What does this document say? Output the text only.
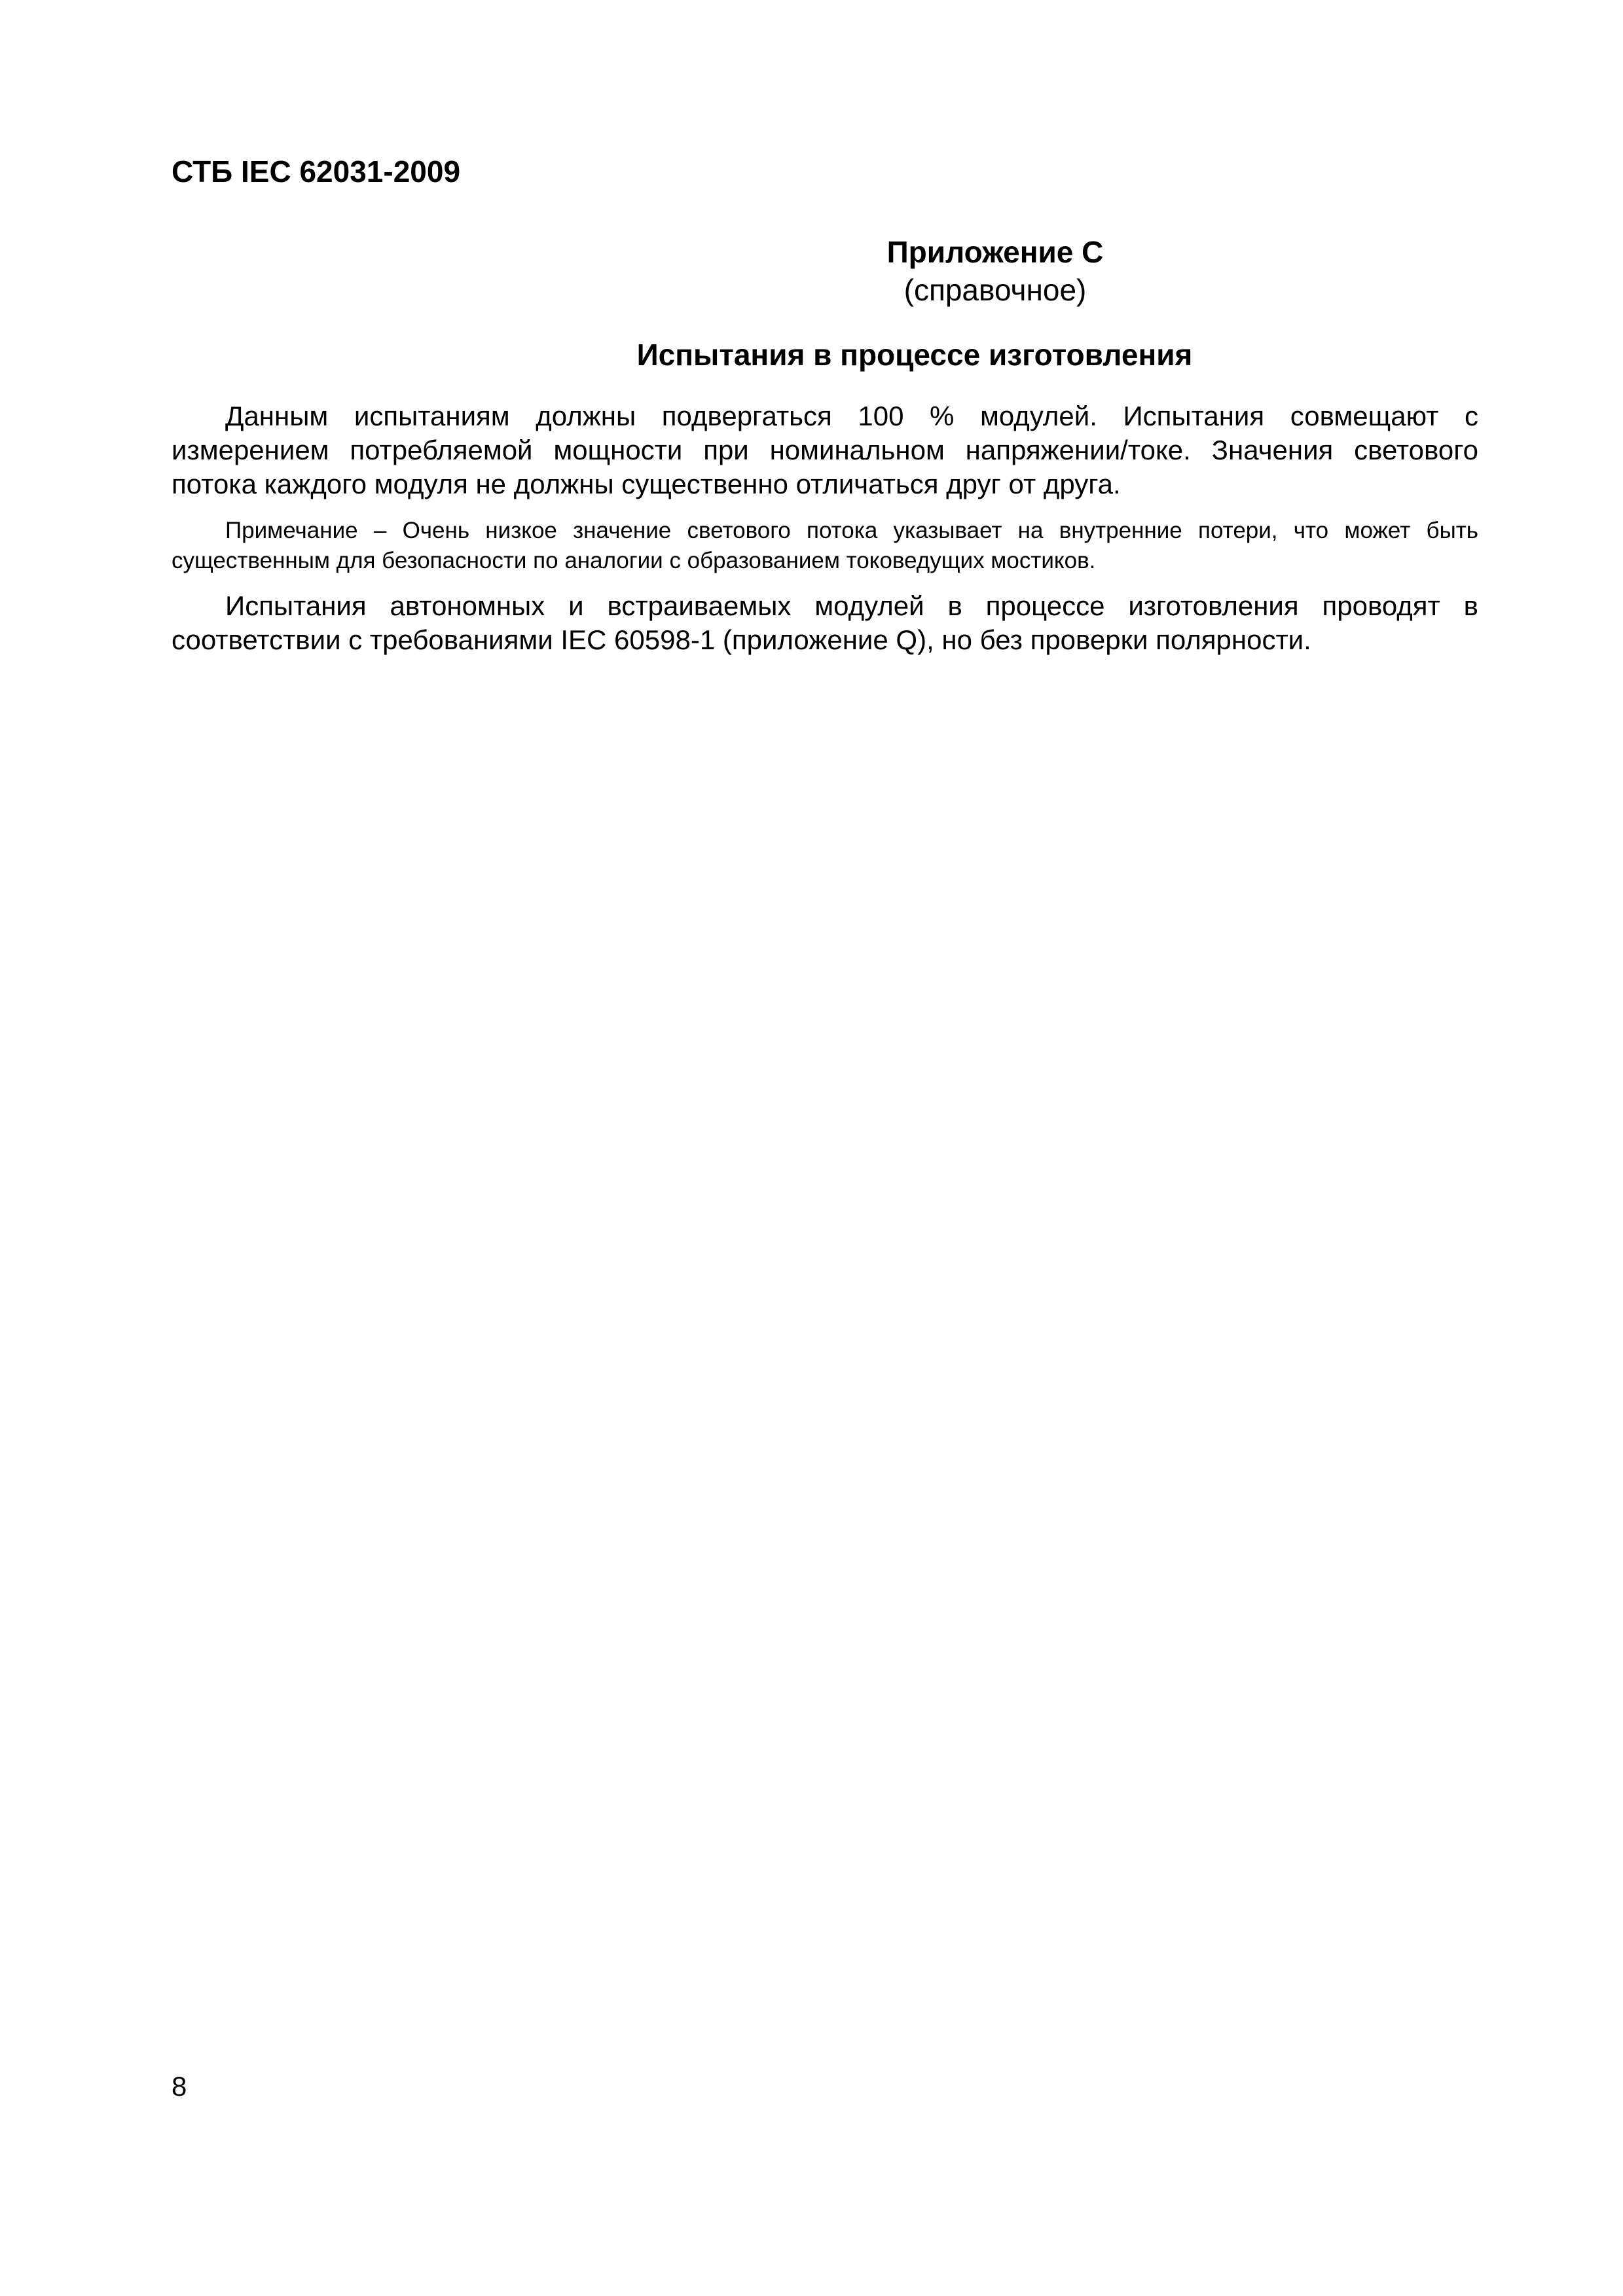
СТБ IEC 62031-2009
Приложение С
(справочное)
Испытания в процессе изготовления

Данным испытаниям должны подвергаться 100 % модулей. Испытания совмещают с измерением потребляемой мощности при номинальном напряжении/токе. Значения светового потока каждого модуля не должны существенно отличаться друг от друга.

Примечание – Очень низкое значение светового потока указывает на внутренние потери, что может быть существенным для безопасности по аналогии с образованием токоведущих мостиков.

Испытания автономных и встраиваемых модулей в процессе изготовления проводят в соответствии с требованиями IEC 60598-1 (приложение Q), но без проверки полярности.

8
